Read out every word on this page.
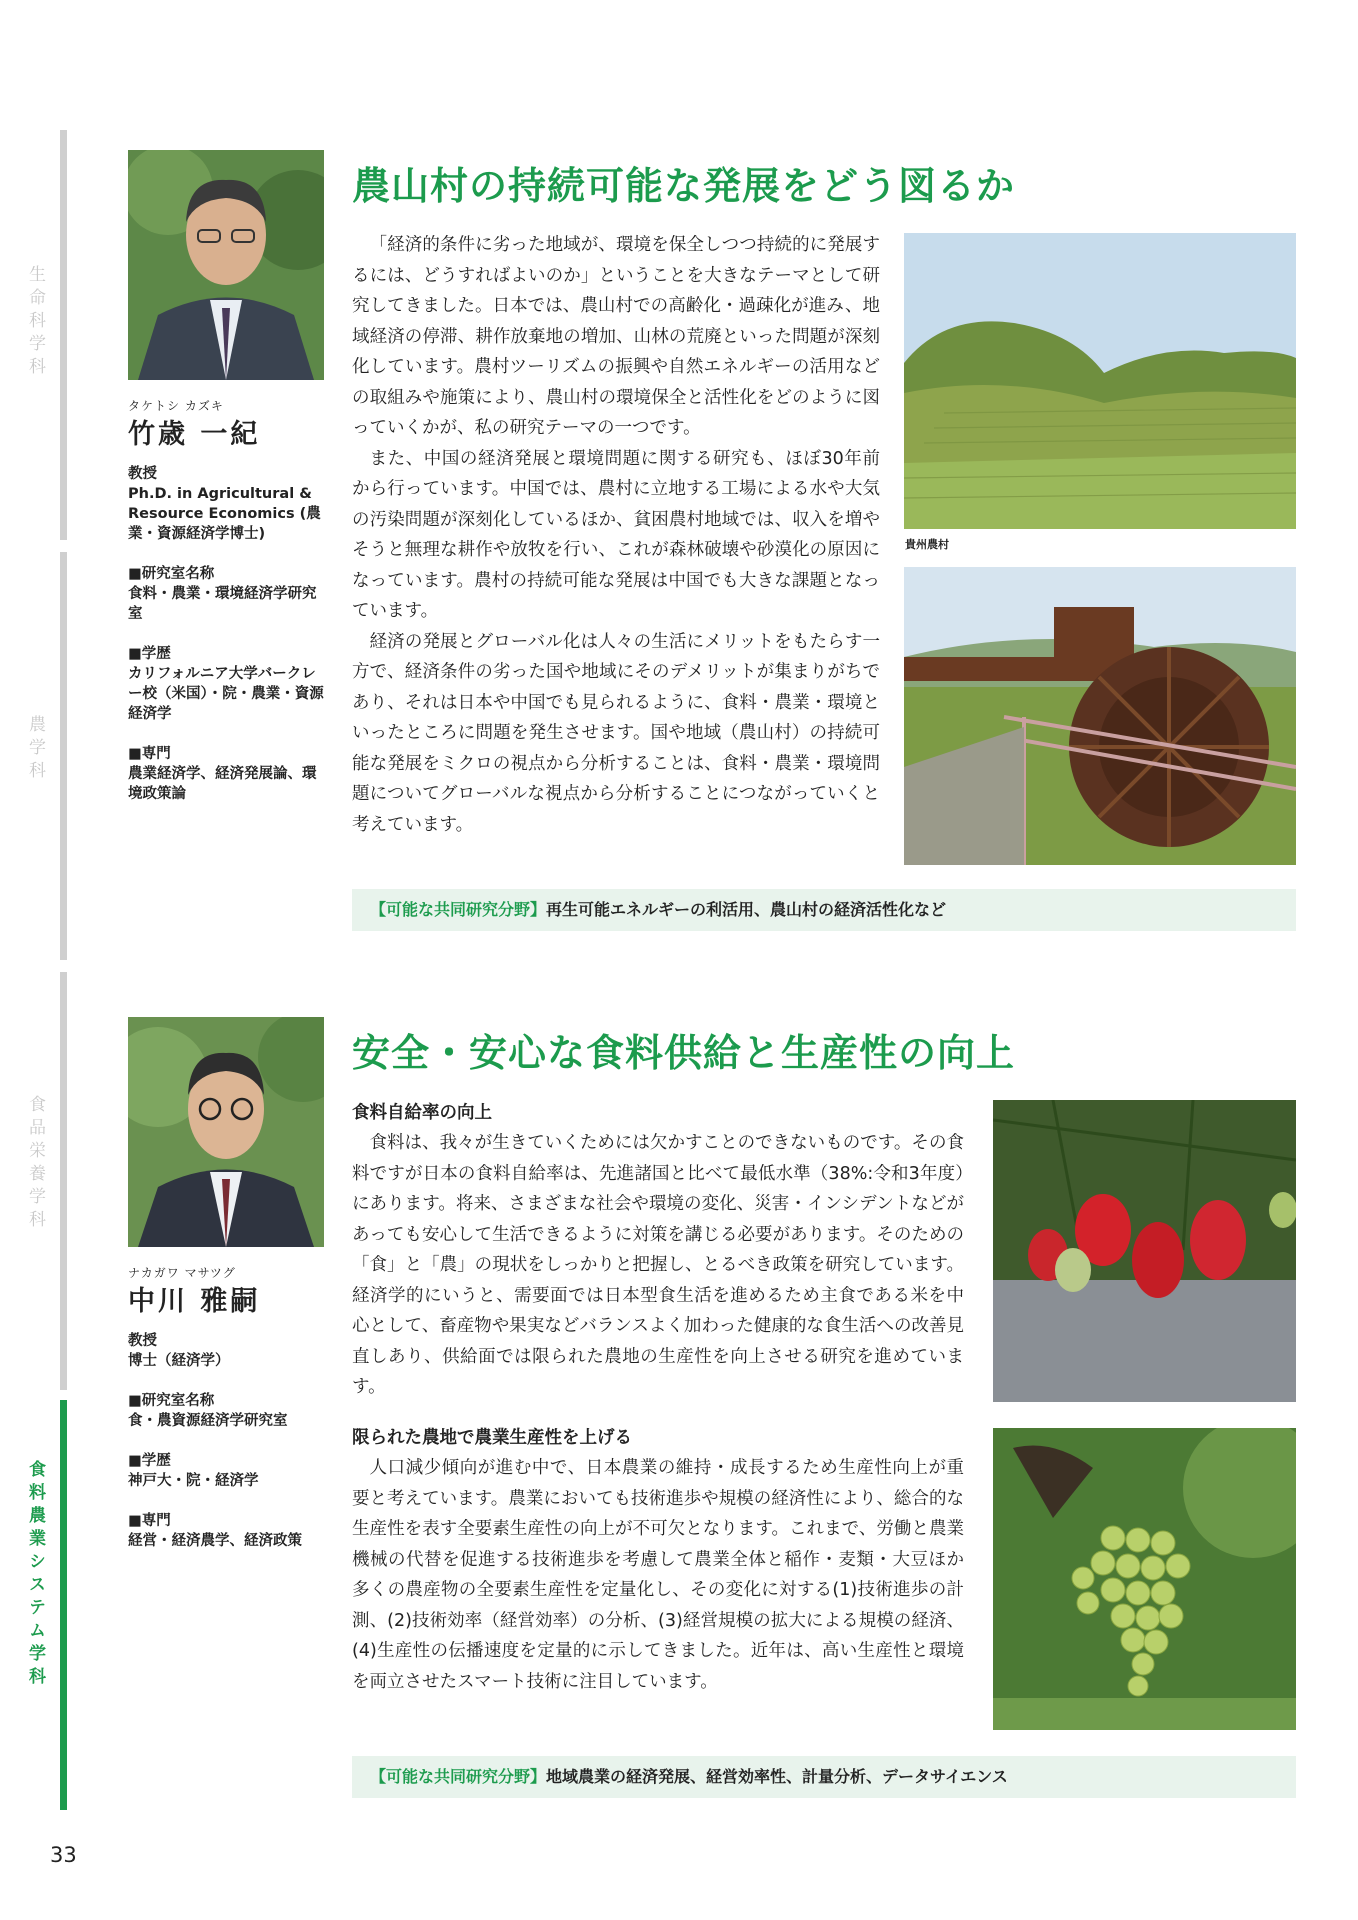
生命科学科
農学科
食品栄養学科
食料農業システム学科
タケトシ カズキ
竹歳 一紀
教授
Ph.D. in Agricultural & Resource Economics (農業・資源経済学博士)
■研究室名称
食料・農業・環境経済学研究室
■学歴
カリフォルニア大学バークレー校（米国）・院・農業・資源経済学
■専門
農業経済学、経済発展論、環境政策論
農山村の持続可能な発展をどう図るか

「経済的条件に劣った地域が、環境を保全しつつ持続的に発展するには、どうすればよいのか」ということを大きなテーマとして研究してきました。日本では、農山村での高齢化・過疎化が進み、地域経済の停滞、耕作放棄地の増加、山林の荒廃といった問題が深刻化しています。農村ツーリズムの振興や自然エネルギーの活用などの取組みや施策により、農山村の環境保全と活性化をどのように図っていくかが、私の研究テーマの一つです。

また、中国の経済発展と環境問題に関する研究も、ほぼ30年前から行っています。中国では、農村に立地する工場による水や大気の汚染問題が深刻化しているほか、貧困農村地域では、収入を増やそうと無理な耕作や放牧を行い、これが森林破壊や砂漠化の原因になっています。農村の持続可能な発展は中国でも大きな課題となっています。

経済の発展とグローバル化は人々の生活にメリットをもたらす一方で、経済条件の劣った国や地域にそのデメリットが集まりがちであり、それは日本や中国でも見られるように、食料・農業・環境といったところに問題を発生させます。国や地域（農山村）の持続可能な発展をミクロの視点から分析することは、食料・農業・環境問題についてグローバルな視点から分析することにつながっていくと考えています。

貴州農村
【可能な共同研究分野】再生可能エネルギーの利活用、農山村の経済活性化など
ナカガワ マサツグ
中川 雅嗣
教授
博士（経済学）
■研究室名称
食・農資源経済学研究室
■学歴
神戸大・院・経済学
■専門
経営・経済農学、経済政策
安全・安心な食料供給と生産性の向上

食料自給率の向上

食料は、我々が生きていくためには欠かすことのできないものです。その食料ですが日本の食料自給率は、先進諸国と比べて最低水準（38%:令和3年度）にあります。将来、さまざまな社会や環境の変化、災害・インシデントなどがあっても安心して生活できるように対策を講じる必要があります。そのための「食」と「農」の現状をしっかりと把握し、とるべき政策を研究しています。経済学的にいうと、需要面では日本型食生活を進めるため主食である米を中心として、畜産物や果実などバランスよく加わった健康的な食生活への改善見直しあり、供給面では限られた農地の生産性を向上させる研究を進めています。

限られた農地で農業生産性を上げる

人口減少傾向が進む中で、日本農業の維持・成長するため生産性向上が重要と考えています。農業においても技術進歩や規模の経済性により、総合的な生産性を表す全要素生産性の向上が不可欠となります。これまで、労働と農業機械の代替を促進する技術進歩を考慮して農業全体と稲作・麦類・大豆ほか多くの農産物の全要素生産性を定量化し、その変化に対する(1)技術進歩の計測、(2)技術効率（経営効率）の分析、(3)経営規模の拡大による規模の経済、(4)生産性の伝播速度を定量的に示してきました。近年は、高い生産性と環境を両立させたスマート技術に注目しています。

【可能な共同研究分野】地域農業の経済発展、経営効率性、計量分析、データサイエンス
33
